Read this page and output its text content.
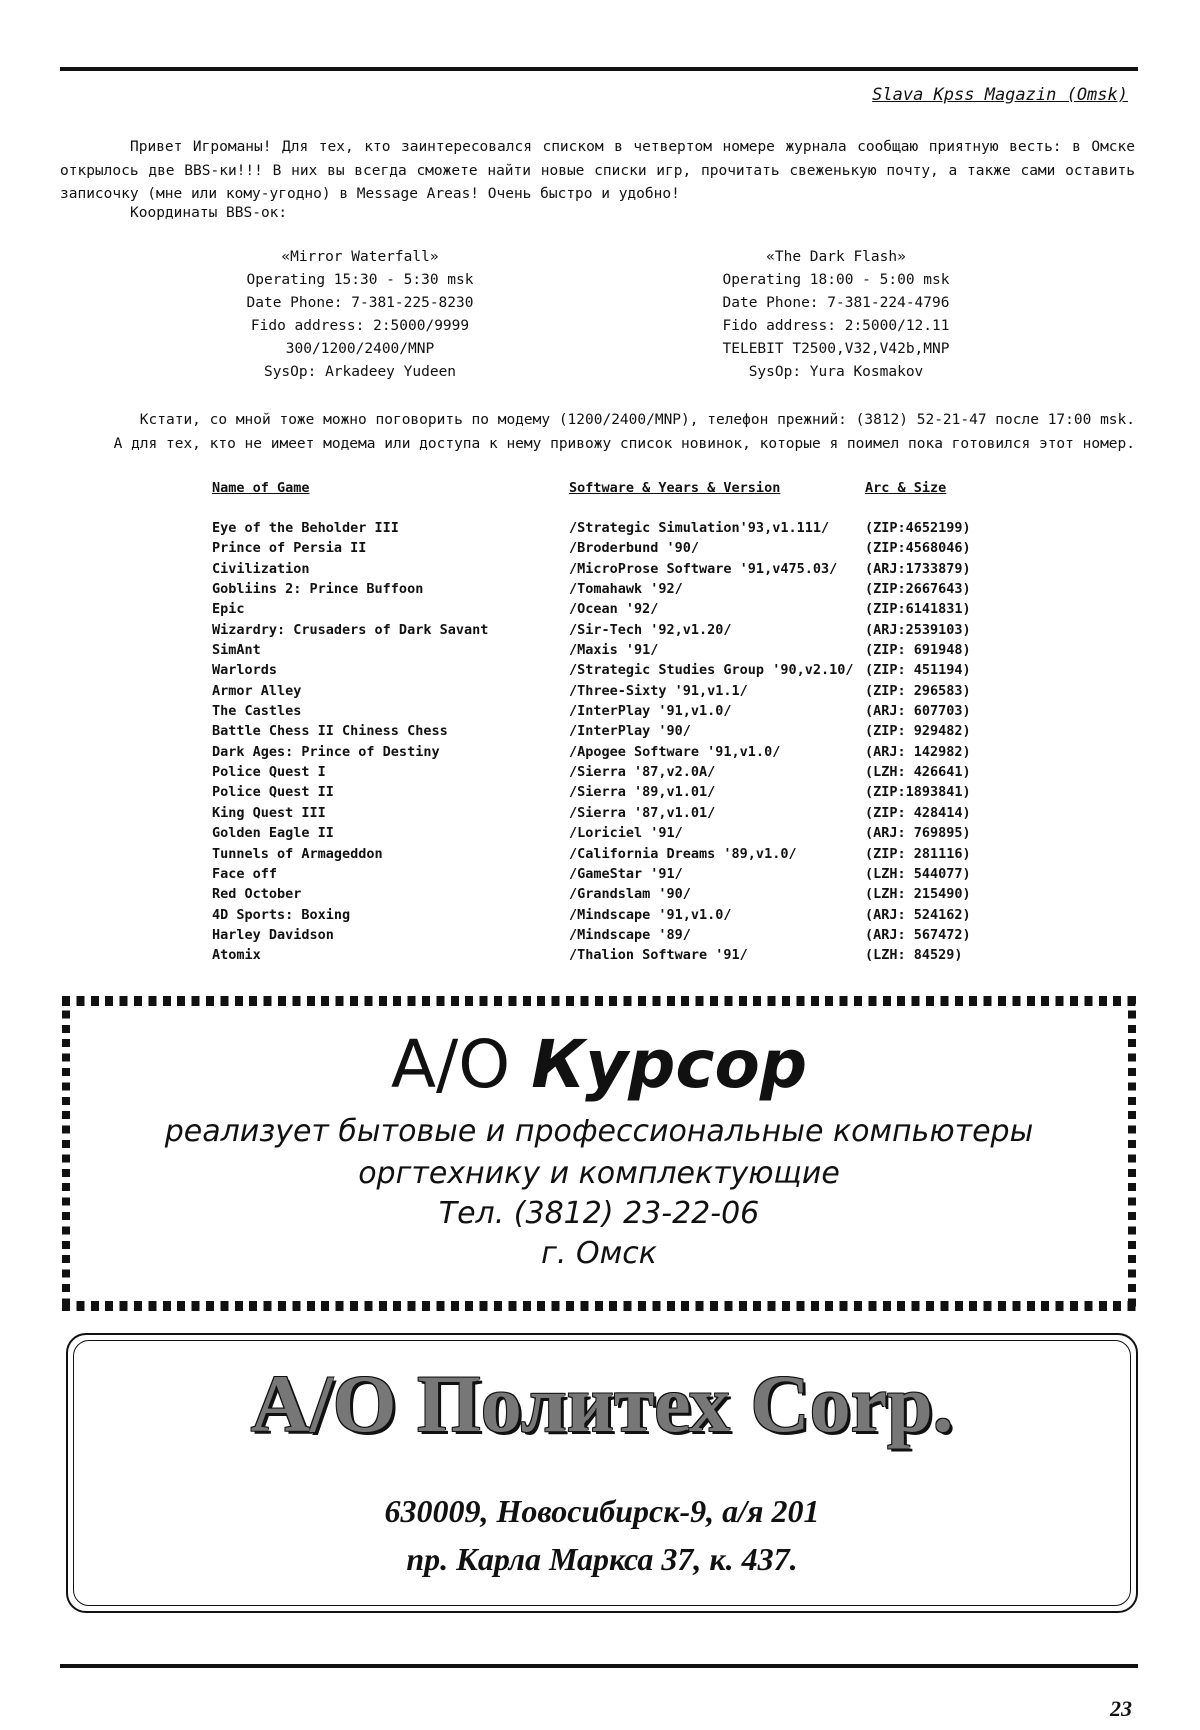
Slava Kpss Magazin (Omsk)

Привет Игроманы! Для тех, кто заинтересовался списком в четвертом номере журнала сообщаю приятную весть: в Омске открылось две BBS-ки!!! В них вы всегда сможете найти новые списки игр, прочитать свеженькую почту, а также сами оставить записочку (мне или кому-угодно) в Message Areas! Очень быстро и удобно!

Координаты BBS-ок:
«Mirror Waterfall»
Operating 15:30 - 5:30 msk
Date Phone: 7-381-225-8230
Fido address: 2:5000/9999
300/1200/2400/MNP
SysOp: Arkadeey Yudeen
«The Dark Flash»
Operating 18:00 - 5:00 msk
Date Phone: 7-381-224-4796
Fido address: 2:5000/12.11
TELEBIT T2500,V32,V42b,MNP
SysOp: Yura Kosmakov
Кстати, со мной тоже можно поговорить по модему (1200/2400/MNP), телефон прежний: (3812) 52-21-47 после 17:00 msk.
А для тех, кто не имеет модема или доступа к нему привожу список новинок, которые я поимел пока готовился этот номер.
Name of Game	Software & Years & Version	Arc & Size
Eye of the Beholder III	/Strategic Simulation'93,v1.111/	(ZIP:4652199)
Prince of Persia II	/Broderbund '90/	(ZIP:4568046)
Civilization	/MicroProse Software '91,v475.03/ (ARJ:1733879)
Gobliins 2: Prince Buffoon	/Tomahawk '92/	(ZIP:2667643)
Epic	/Ocean '92/	(ZIP:6141831)
Wizardry: Crusaders of Dark Savant	/Sir-Tech '92,v1.20/	(ARJ:2539103)
SimAnt	/Maxis '91/	(ZIP: 691948)
Warlords	/Strategic Studies Group '90,v2.10/ (ZIP: 451194)
Armor Alley	/Three-Sixty '91,v1.1/	(ZIP: 296583)
The Castles	/InterPlay '91,v1.0/	(ARJ: 607703)
Battle Chess II Chiness Chess	/InterPlay '90/	(ZIP: 929482)
Dark Ages: Prince of Destiny	/Apogee Software '91,v1.0/	(ARJ: 142982)
Police Quest I	/Sierra '87,v2.0A/	(LZH: 426641)
Police Quest II	/Sierra '89,v1.01/	(ZIP:1893841)
King Quest III	/Sierra '87,v1.01/	(ZIP: 428414)
Golden Eagle II	/Loriciel '91/	(ARJ: 769895)
Tunnels of Armageddon	/California Dreams '89,v1.0/	(ZIP: 281116)
Face off	/GameStar '91/	(LZH: 544077)
Red October	/Grandslam '90/	(LZH: 215490)
4D Sports: Boxing	/Mindscape '91,v1.0/	(ARJ: 524162)
Harley Davidson	/Mindscape '89/	(ARJ: 567472)
Atomix	/Thalion Software '91/	(LZH: 84529)
A/O Курсор
реализует бытовые и профессиональные компьютеры
оргтехнику и комплектующие
Тел. (3812) 23-22-06
г. Омск
A/O Политех Corp.
630009, Новосибирск-9, а/я 201
пр. Карла Маркса 37, к. 437.
23
